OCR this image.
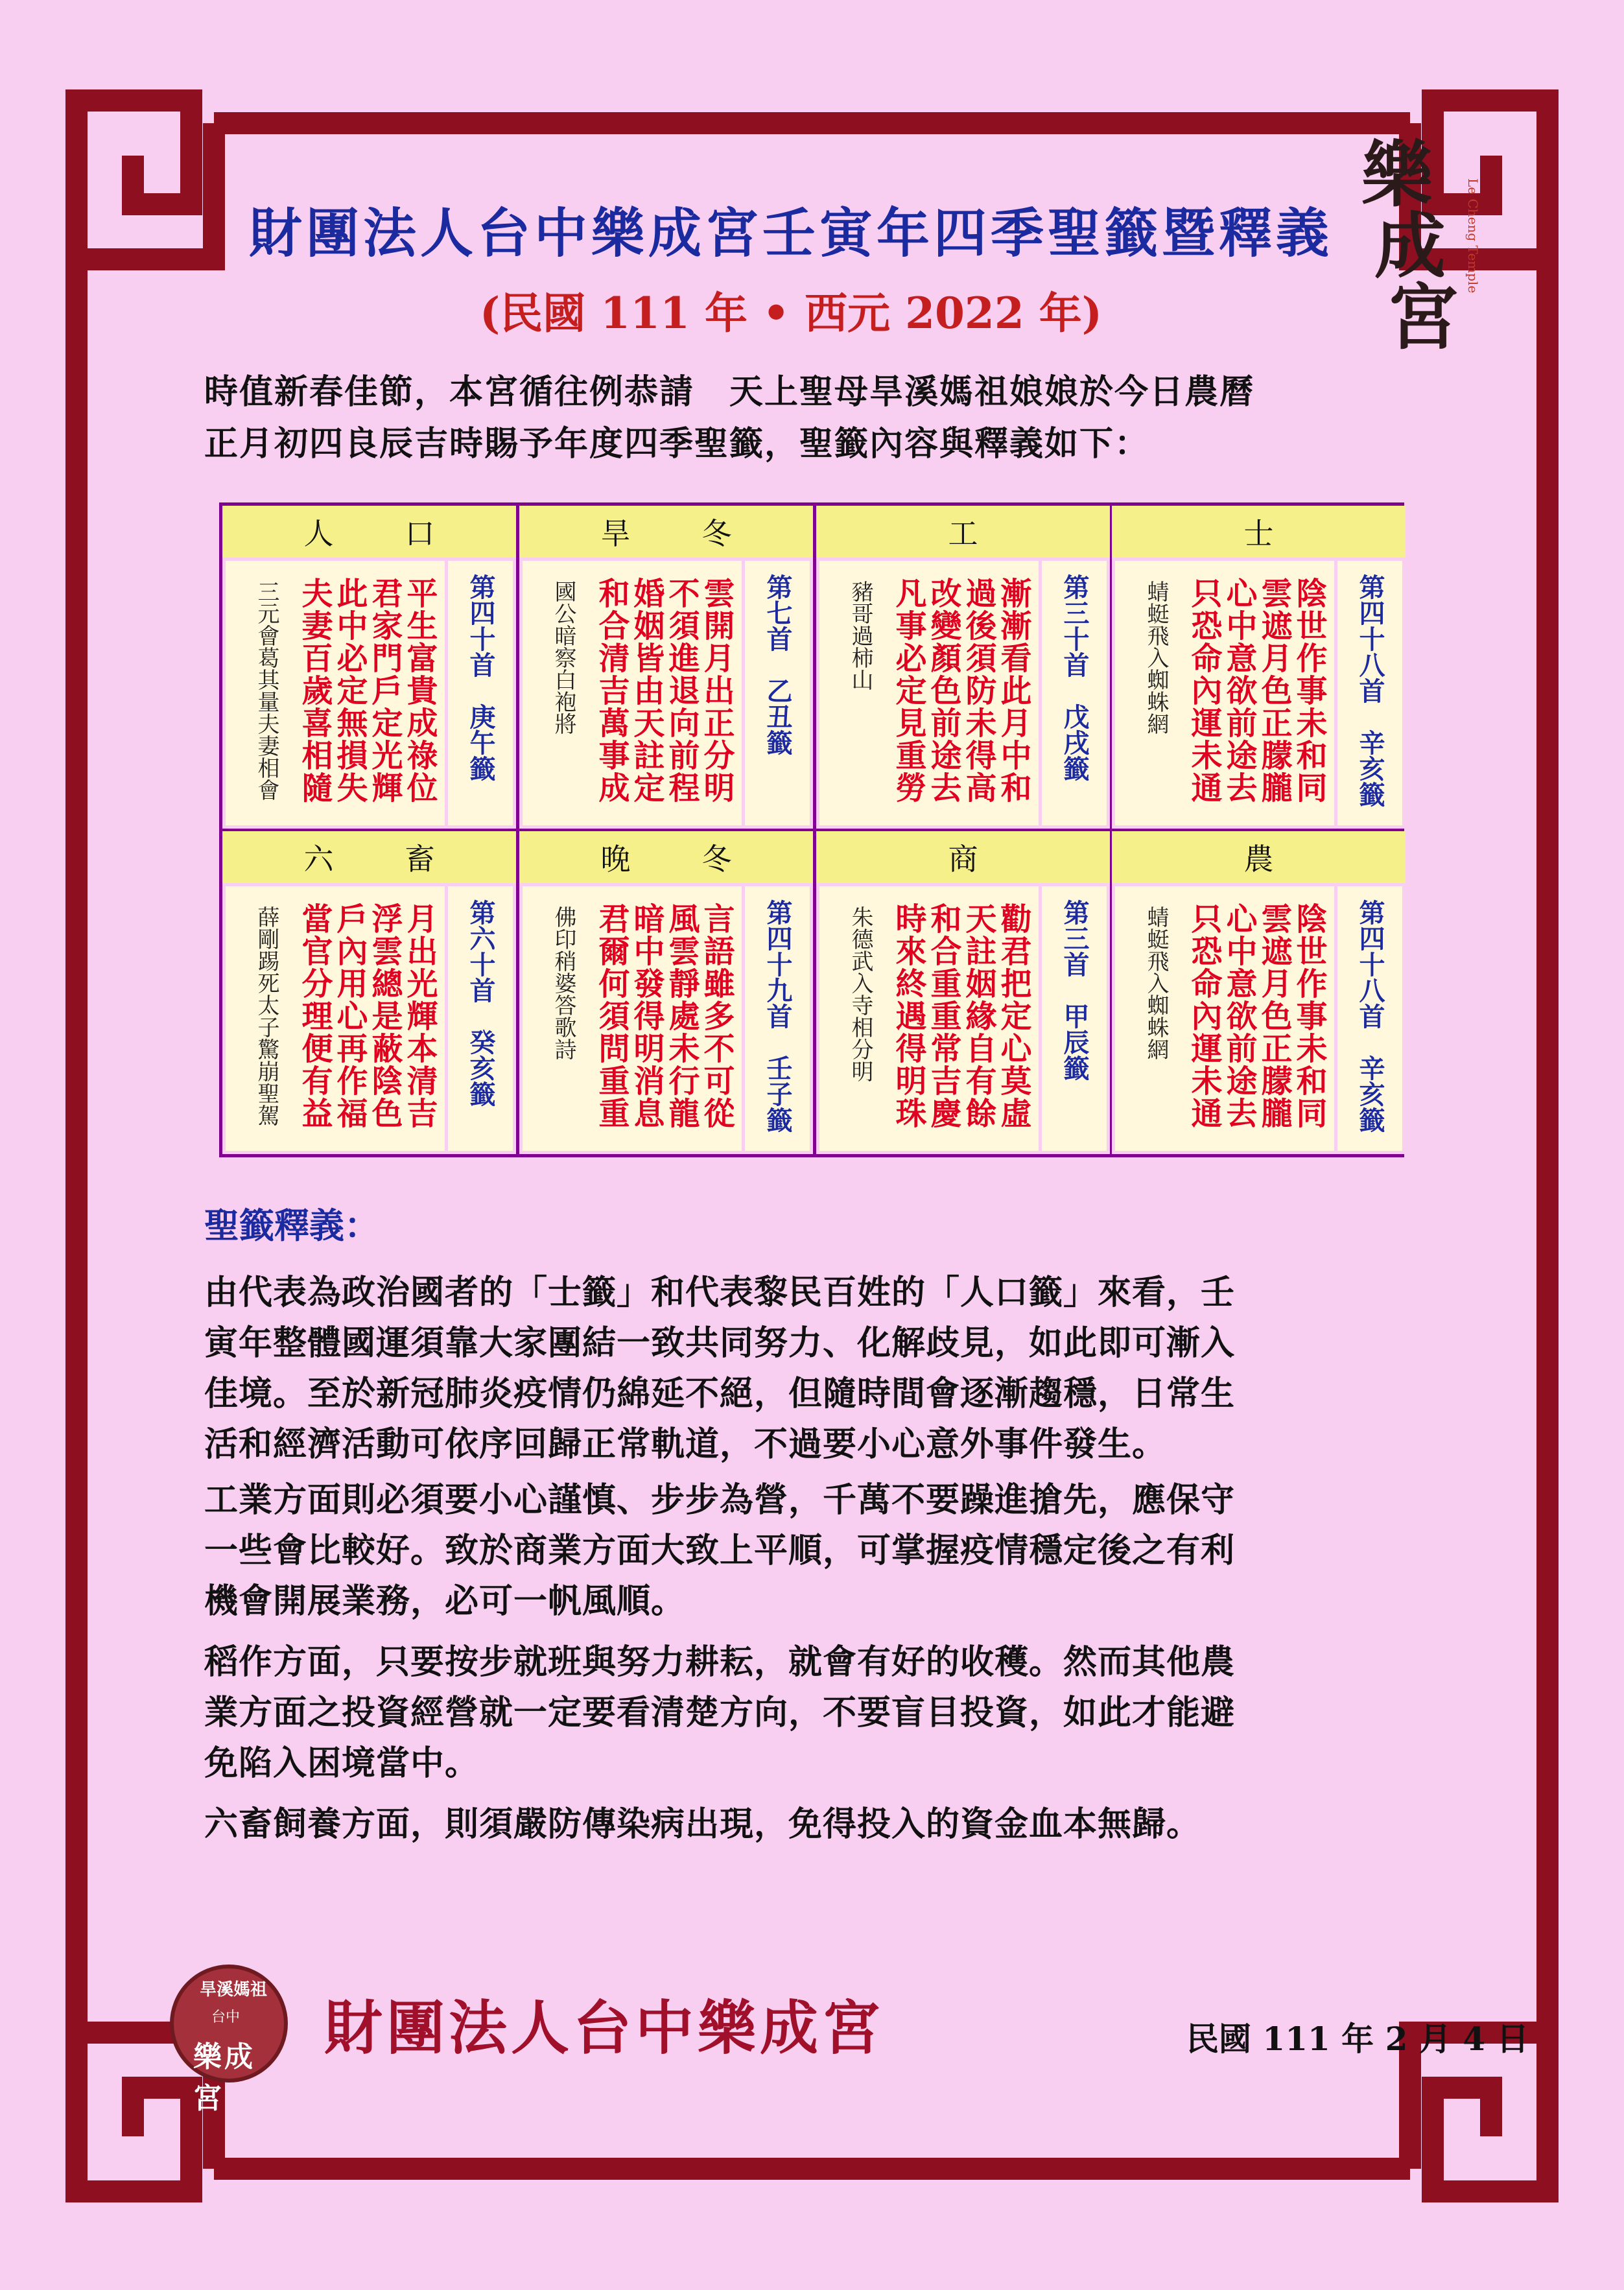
樂
成
宮
Le Cheng Temple
財團法人台中樂成宮壬寅年四季聖籤暨釋義
(民國 111 年 • 西元 2022 年)
時值新春佳節，本宮循往例恭請　天上聖母旱溪媽祖娘娘於今日農曆
正月初四良辰吉時賜予年度四季聖籤，聖籤內容與釋義如下：
人口
三元會葛其量夫妻相會	平生富貴成祿位君家門戶定光輝此中必定無損失夫妻百歲喜相隨	第四十首　庚午籤
旱冬
國公暗察白袍將	雲開月出正分明不須進退向前程婚姻皆由天註定和合清吉萬事成	第七首　乙丑籤
工
豬哥過柿山	漸漸看此月中和過後須防未得高改變顏色前途去凡事必定見重勞	第三十首　戊戌籤
士
蜻蜓飛入蜘蛛網	陰世作事未和同雲遮月色正朦朧心中意欲前途去只恐命內運未通	第四十八首　辛亥籤
六畜
薛剛踢死太子驚崩聖駕	月出光輝本清吉浮雲總是蔽陰色戶內用心再作福當官分理便有益	第六十首　癸亥籤
晚冬
佛印稍婆答歌詩	言語雖多不可從風雲靜處未行龍暗中發得明消息君爾何須問重重	第四十九首　壬子籤
商
朱德武入寺相分明	勸君把定心莫虛天註姻緣自有餘和合重重常吉慶時來終遇得明珠	第三首　甲辰籤
農
蜻蜓飛入蜘蛛網	陰世作事未和同雲遮月色正朦朧心中意欲前途去只恐命內運未通	第四十八首　辛亥籤
聖籤釋義：
由代表為政治國者的「士籤」和代表黎民百姓的「人口籤」來看，壬
寅年整體國運須靠大家團結一致共同努力、化解歧見，如此即可漸入
佳境。至於新冠肺炎疫情仍綿延不絕，但隨時間會逐漸趨穩，日常生
活和經濟活動可依序回歸正常軌道，不過要小心意外事件發生。
工業方面則必須要小心謹慎、步步為營，千萬不要躁進搶先，應保守
一些會比較好。致於商業方面大致上平順，可掌握疫情穩定後之有利
機會開展業務，必可一帆風順。
稻作方面，只要按步就班與努力耕耘，就會有好的收穫。然而其他農
業方面之投資經營就一定要看清楚方向，不要盲目投資，如此才能避
免陷入困境當中。
六畜飼養方面，則須嚴防傳染病出現，免得投入的資金血本無歸。
旱溪媽祖
台中
樂成宮
財團法人台中樂成宮	民國 111 年 2 月 4 日
